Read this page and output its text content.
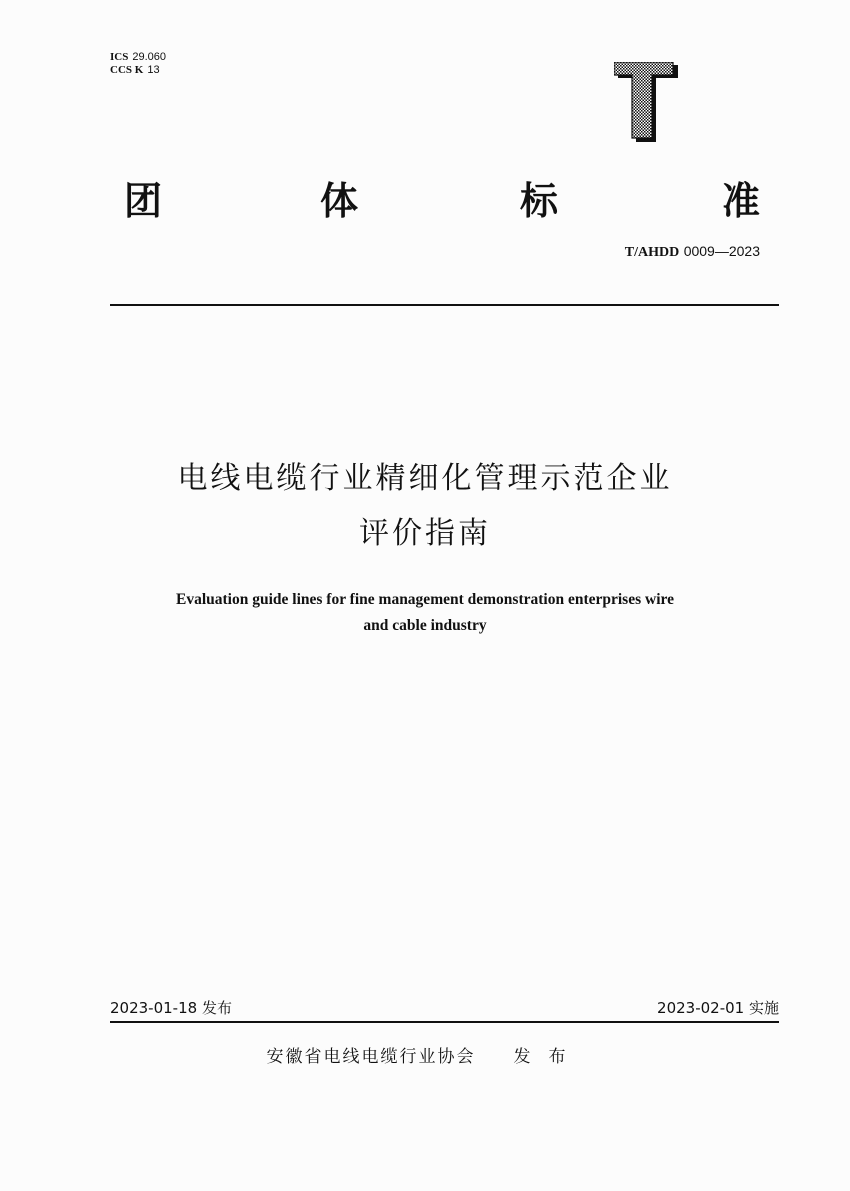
ICS 29.060
CCS K 13
团	体	标	准
T/AHDD 0009—2023
电线电缆行业精细化管理示范企业
评价指南
Evaluation guide lines for fine management demonstration enterprises wire
and cable industry
2023-01-18 发布	2023-02-01 实施
安徽省电线电缆行业协会 发布
